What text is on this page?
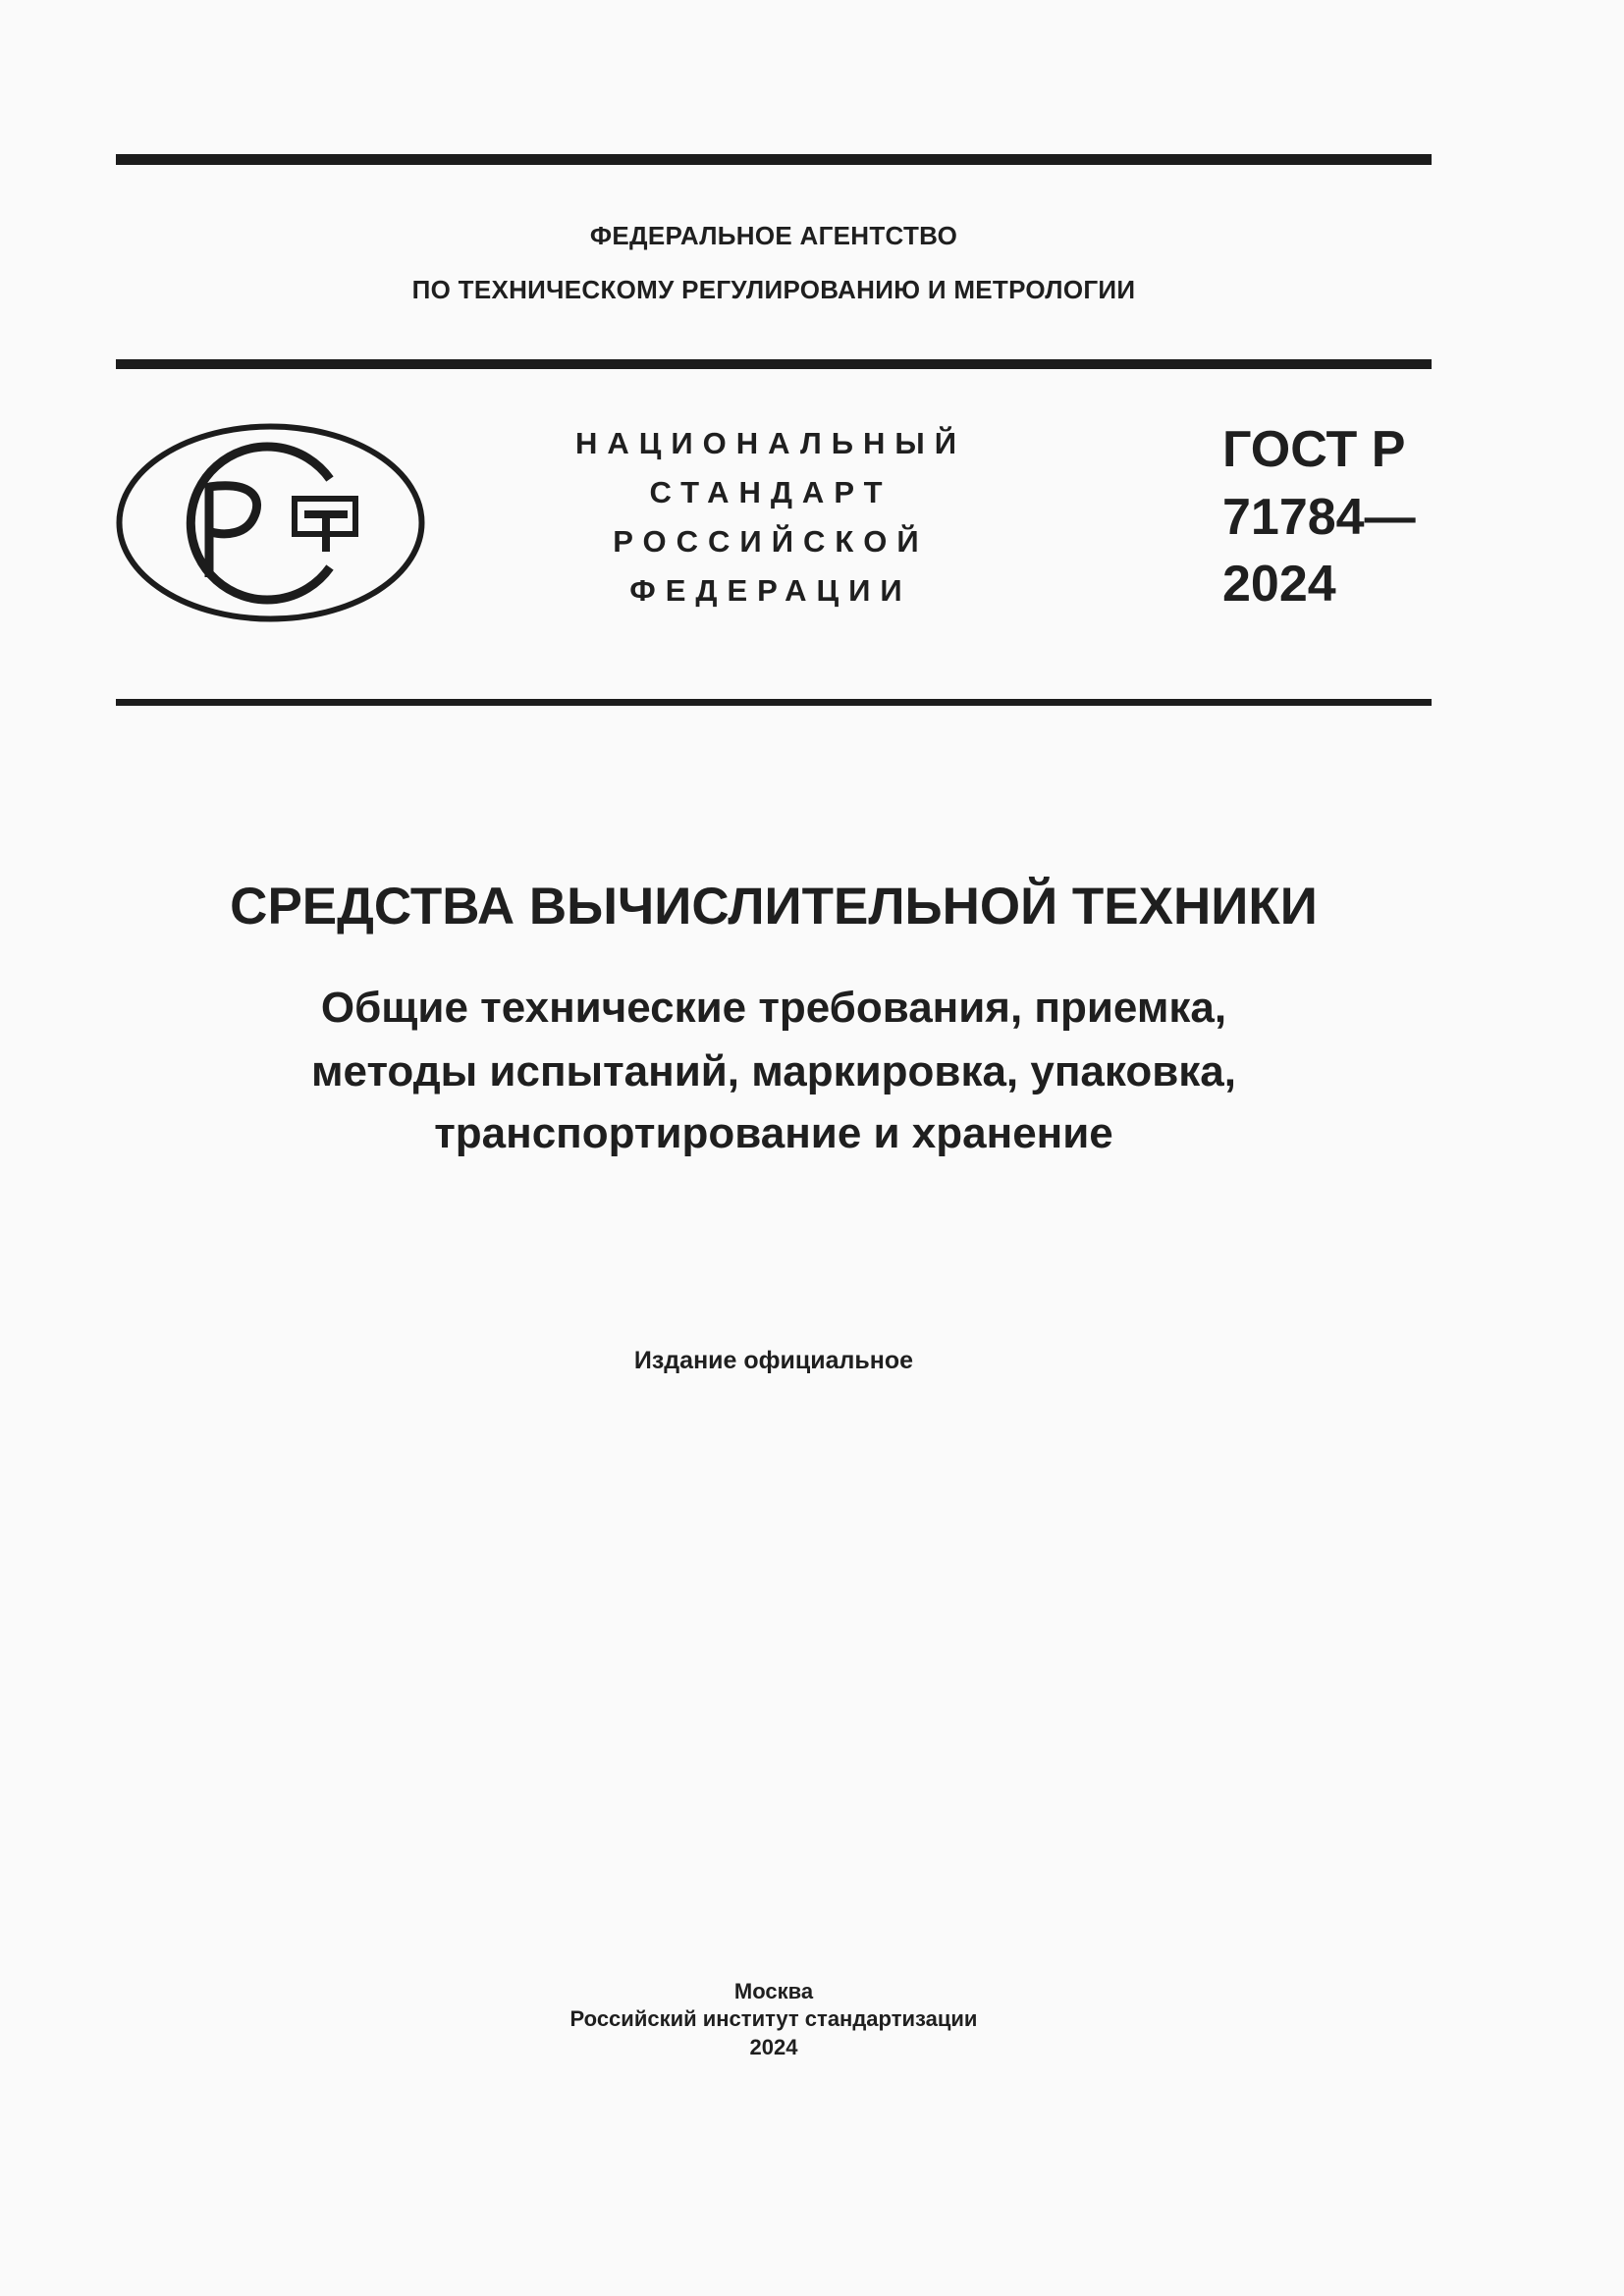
ФЕДЕРАЛЬНОЕ АГЕНТСТВО
ПО ТЕХНИЧЕСКОМУ РЕГУЛИРОВАНИЮ И МЕТРОЛОГИИ
НАЦИОНАЛЬНЫЙ
СТАНДАРТ
РОССИЙСКОЙ
ФЕДЕРАЦИИ
ГОСТ Р
71784—
2024
СРЕДСТВА ВЫЧИСЛИТЕЛЬНОЙ ТЕХНИКИ
Общие технические требования, приемка,
методы испытаний, маркировка, упаковка,
транспортирование и хранение
Издание официальное
Москва
Российский институт стандартизации
2024
